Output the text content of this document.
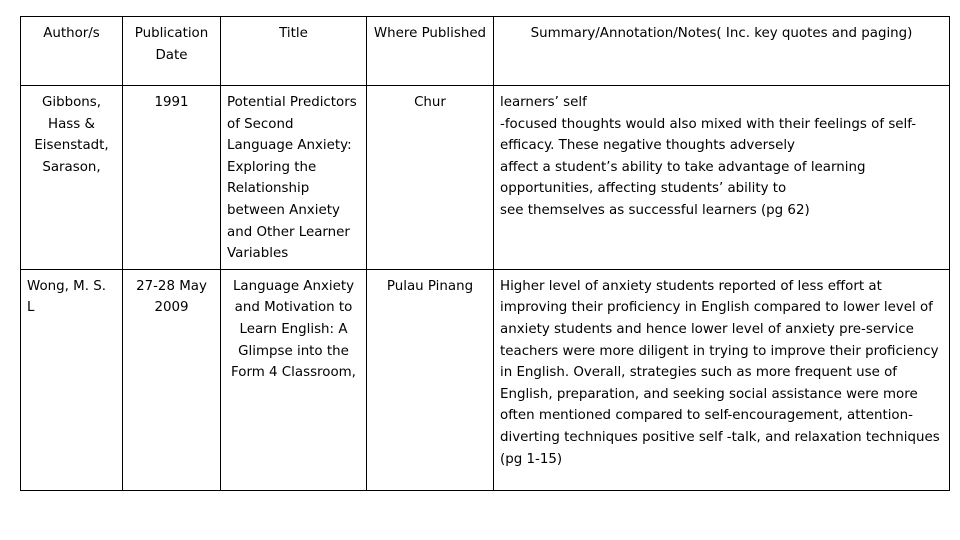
Author/s	Publication Date	Title	Where Published	Summary/Annotation/Notes( Inc. key quotes and paging)
Gibbons, Hass & Eisenstadt, Sarason,	1991	Potential Predictors of Second Language Anxiety: Exploring the Relationship between Anxiety and Other Learner Variables	Chur	learners’ self
-focused thoughts would also mixed with their feelings of self-efficacy. These negative thoughts adversely
affect a student’s ability to take advantage of learning opportunities, affecting students’ ability to
see themselves as successful learners (pg 62)
Wong, M. S. L	27-28 May 2009	Language Anxiety and Motivation to Learn English: A Glimpse into the Form 4 Classroom,	Pulau Pinang	Higher level of anxiety students reported of less effort at improving their proficiency in English compared to lower level of anxiety students and hence lower level of anxiety pre-service teachers were more diligent in trying to improve their proficiency in English. Overall, strategies such as more frequent use of English, preparation, and seeking social assistance were more often mentioned compared to self-encouragement, attention-diverting techniques positive self -talk, and relaxation techniques (pg 1-15)
